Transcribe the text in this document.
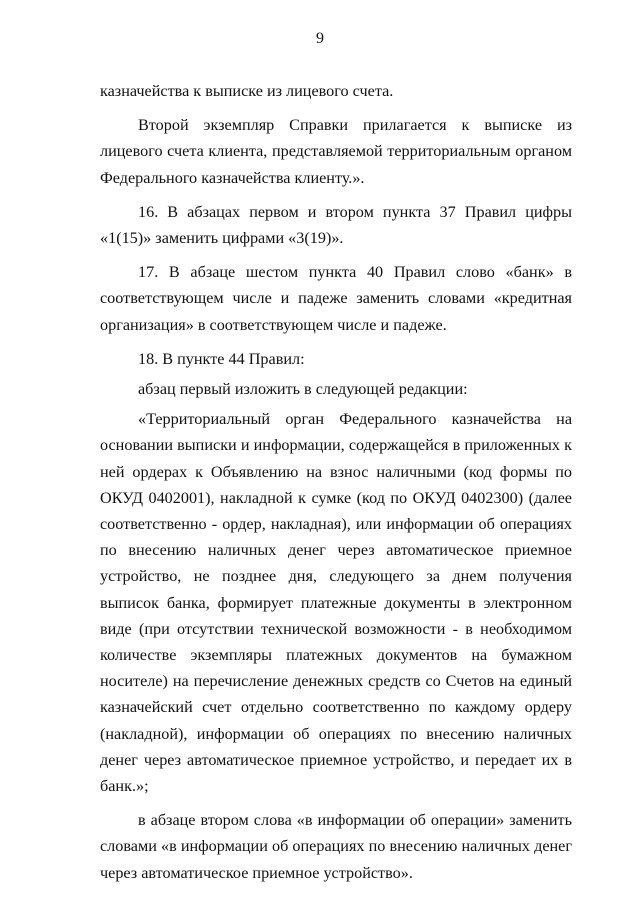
9

казначейства к выписке из лицевого счета.

Второй экземпляр Справки прилагается к выписке из лицевого счета клиента, представляемой территориальным органом Федерального казначейства клиенту.».

16. В абзацах первом и втором пункта 37 Правил цифры «1(15)» заменить цифрами «3(19)».

17. В абзаце шестом пункта 40 Правил слово «банк» в соответствующем числе и падеже заменить словами «кредитная организация» в соответствующем числе и падеже.

18. В пункте 44 Правил:

абзац первый изложить в следующей редакции:

«Территориальный орган Федерального казначейства на основании выписки и информации, содержащейся в приложенных к ней ордерах к Объявлению на взнос наличными (код формы по ОКУД 0402001), накладной к сумке (код по ОКУД 0402300) (далее соответственно - ордер, накладная), или информации об операциях по внесению наличных денег через автоматическое приемное устройство, не позднее дня, следующего за днем получения выписок банка, формирует платежные документы в электронном виде (при отсутствии технической возможности - в необходимом количестве экземпляры платежных документов на бумажном носителе) на перечисление денежных средств со Счетов на единый казначейский счет отдельно соответственно по каждому ордеру (накладной), информации об операциях по внесению наличных денег через автоматическое приемное устройство, и передает их в банк.»;

в абзаце втором слова «в информации об операции» заменить словами «в информации об операциях по внесению наличных денег через автоматическое приемное устройство».
